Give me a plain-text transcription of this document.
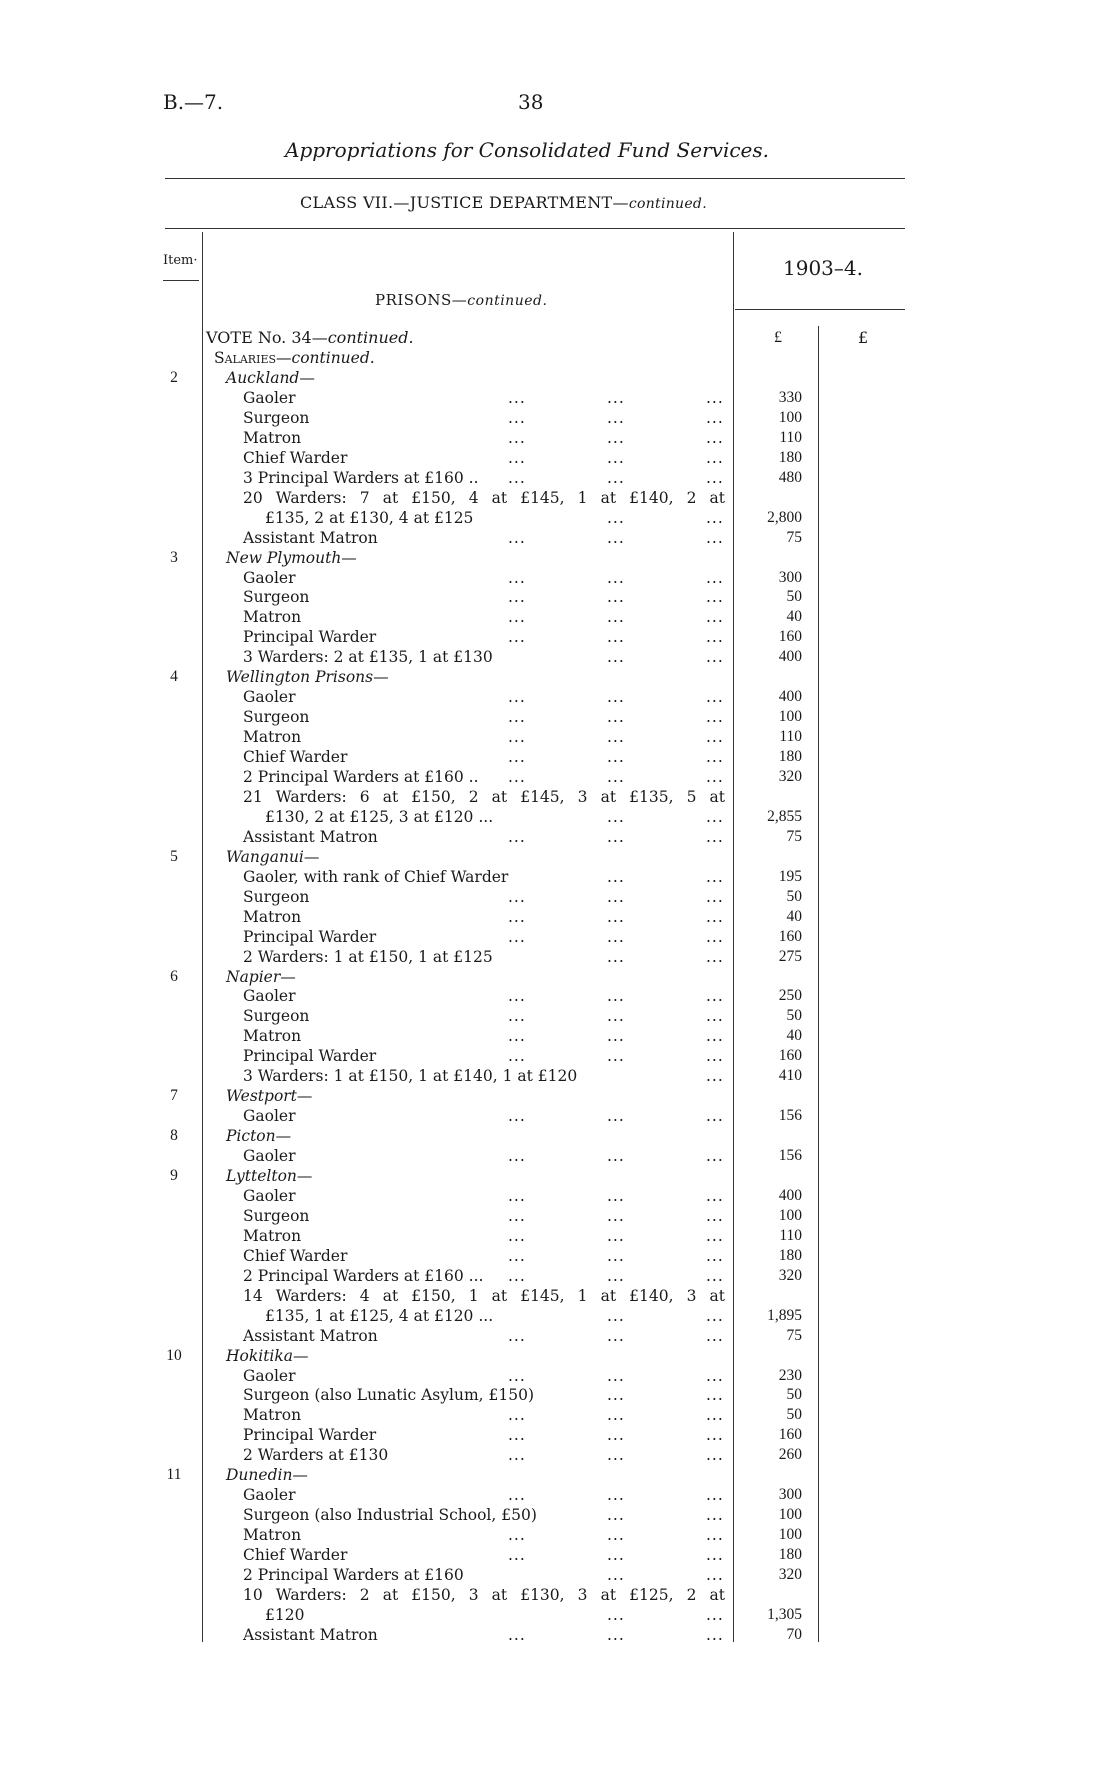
B.—7.	38
Appropriations for Consolidated Fund Services.
CLASS VII.—JUSTICE DEPARTMENT—continued.
Item·	1903–4.
PRISONS—continued.
VOTE No. 34—continued.	£	£
Salaries—continued.
2	Auckland—
Gaoler	...	...	...	330
Surgeon	...	...	...	100
Matron	...	...	...	110
Chief Warder	...	...	...	180
3 Principal Warders at £160 .. ...	...	...	480
20 Warders: 7 at £150, 4 at £145, 1 at £140, 2 at
£135, 2 at £130, 4 at £125	...	...	2,800
Assistant Matron	...	...	...	75
3	New Plymouth—
Gaoler	...	...	...	300
Surgeon	...	...	...	50
Matron	...	...	...	40
Principal Warder	...	...	...	160
3 Warders: 2 at £135, 1 at £130	...	...	400
4	Wellington Prisons—
Gaoler	...	...	...	400
Surgeon	...	...	...	100
Matron	...	...	...	110
Chief Warder	...	...	...	180
2 Principal Warders at £160 .. ...	...	...	320
21 Warders: 6 at £150, 2 at £145, 3 at £135, 5 at
£130, 2 at £125, 3 at £120 ...	...	...	2,855
Assistant Matron	...	...	...	75
5	Wanganui—
Gaoler, with rank of Chief Warder	...	...	195
Surgeon	...	...	...	50
Matron	...	...	...	40
Principal Warder	...	...	...	160
2 Warders: 1 at £150, 1 at £125	...	...	275
6	Napier—
Gaoler	...	...	...	250
Surgeon	...	...	...	50
Matron	...	...	...	40
Principal Warder	...	...	...	160
3 Warders: 1 at £150, 1 at £140, 1 at £120	...	410
7	Westport—
Gaoler	...	...	...	156
8	Picton—
Gaoler	...	...	...	156
9	Lyttelton—
Gaoler	...	...	...	400
Surgeon	...	...	...	100
Matron	...	...	...	110
Chief Warder	...	...	...	180
2 Principal Warders at £160 ... ...	...	...	320
14 Warders: 4 at £150, 1 at £145, 1 at £140, 3 at
£135, 1 at £125, 4 at £120 ...	...	...	1,895
Assistant Matron	...	...	...	75
10	Hokitika—
Gaoler	...	...	...	230
Surgeon (also Lunatic Asylum, £150)	...	...	50
Matron	...	...	...	50
Principal Warder	...	...	...	160
2 Warders at £130	...	...	...	260
11	Dunedin—
Gaoler	...	...	...	300
Surgeon (also Industrial School, £50)	...	...	100
Matron	...	...	...	100
Chief Warder	...	...	...	180
2 Principal Warders at £160	...	...	320
10 Warders: 2 at £150, 3 at £130, 3 at £125, 2 at
£120	...	...	1,305
Assistant Matron	...	...	...	70
